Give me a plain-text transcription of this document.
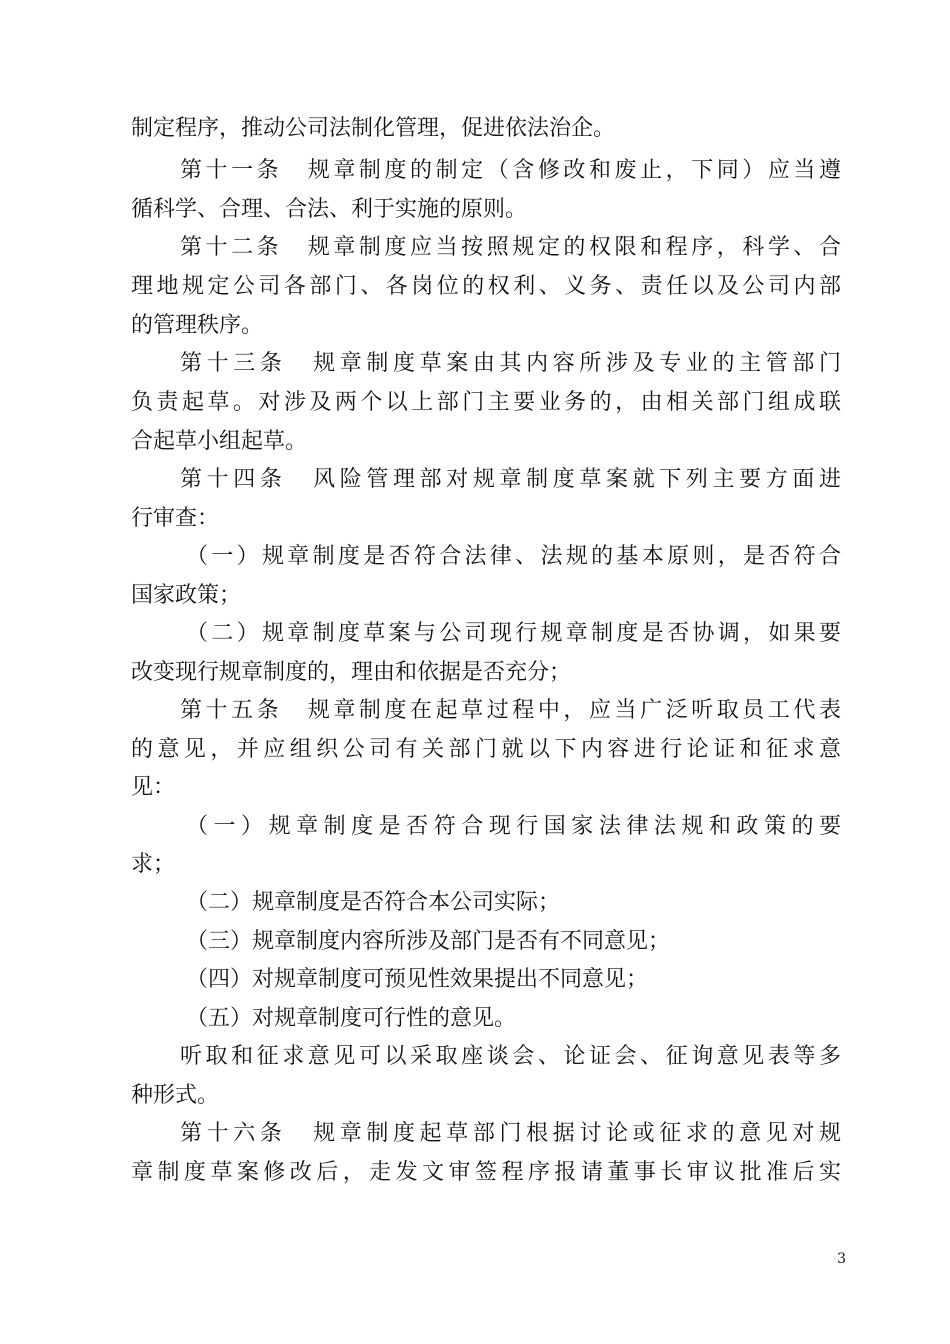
制定程序，推动公司法制化管理，促进依法治企。
第十一条　规章制度的制定（含修改和废止，下同）应当遵
循科学、合理、合法、利于实施的原则。
第十二条　规章制度应当按照规定的权限和程序，科学、合
理地规定公司各部门、各岗位的权利、义务、责任以及公司内部
的管理秩序。
第十三条　规章制度草案由其内容所涉及专业的主管部门
负责起草。对涉及两个以上部门主要业务的，由相关部门组成联
合起草小组起草。
第十四条　风险管理部对规章制度草案就下列主要方面进
行审查：
（一）规章制度是否符合法律、法规的基本原则，是否符合
国家政策；
（二）规章制度草案与公司现行规章制度是否协调，如果要
改变现行规章制度的，理由和依据是否充分；
第十五条　规章制度在起草过程中，应当广泛听取员工代表
的意见，并应组织公司有关部门就以下内容进行论证和征求意
见：
（一）规章制度是否符合现行国家法律法规和政策的要
求；
（二）规章制度是否符合本公司实际；
（三）规章制度内容所涉及部门是否有不同意见；
（四）对规章制度可预见性效果提出不同意见；
（五）对规章制度可行性的意见。
听取和征求意见可以采取座谈会、论证会、征询意见表等多
种形式。
第十六条　规章制度起草部门根据讨论或征求的意见对规
章制度草案修改后，走发文审签程序报请董事长审议批准后实
3
